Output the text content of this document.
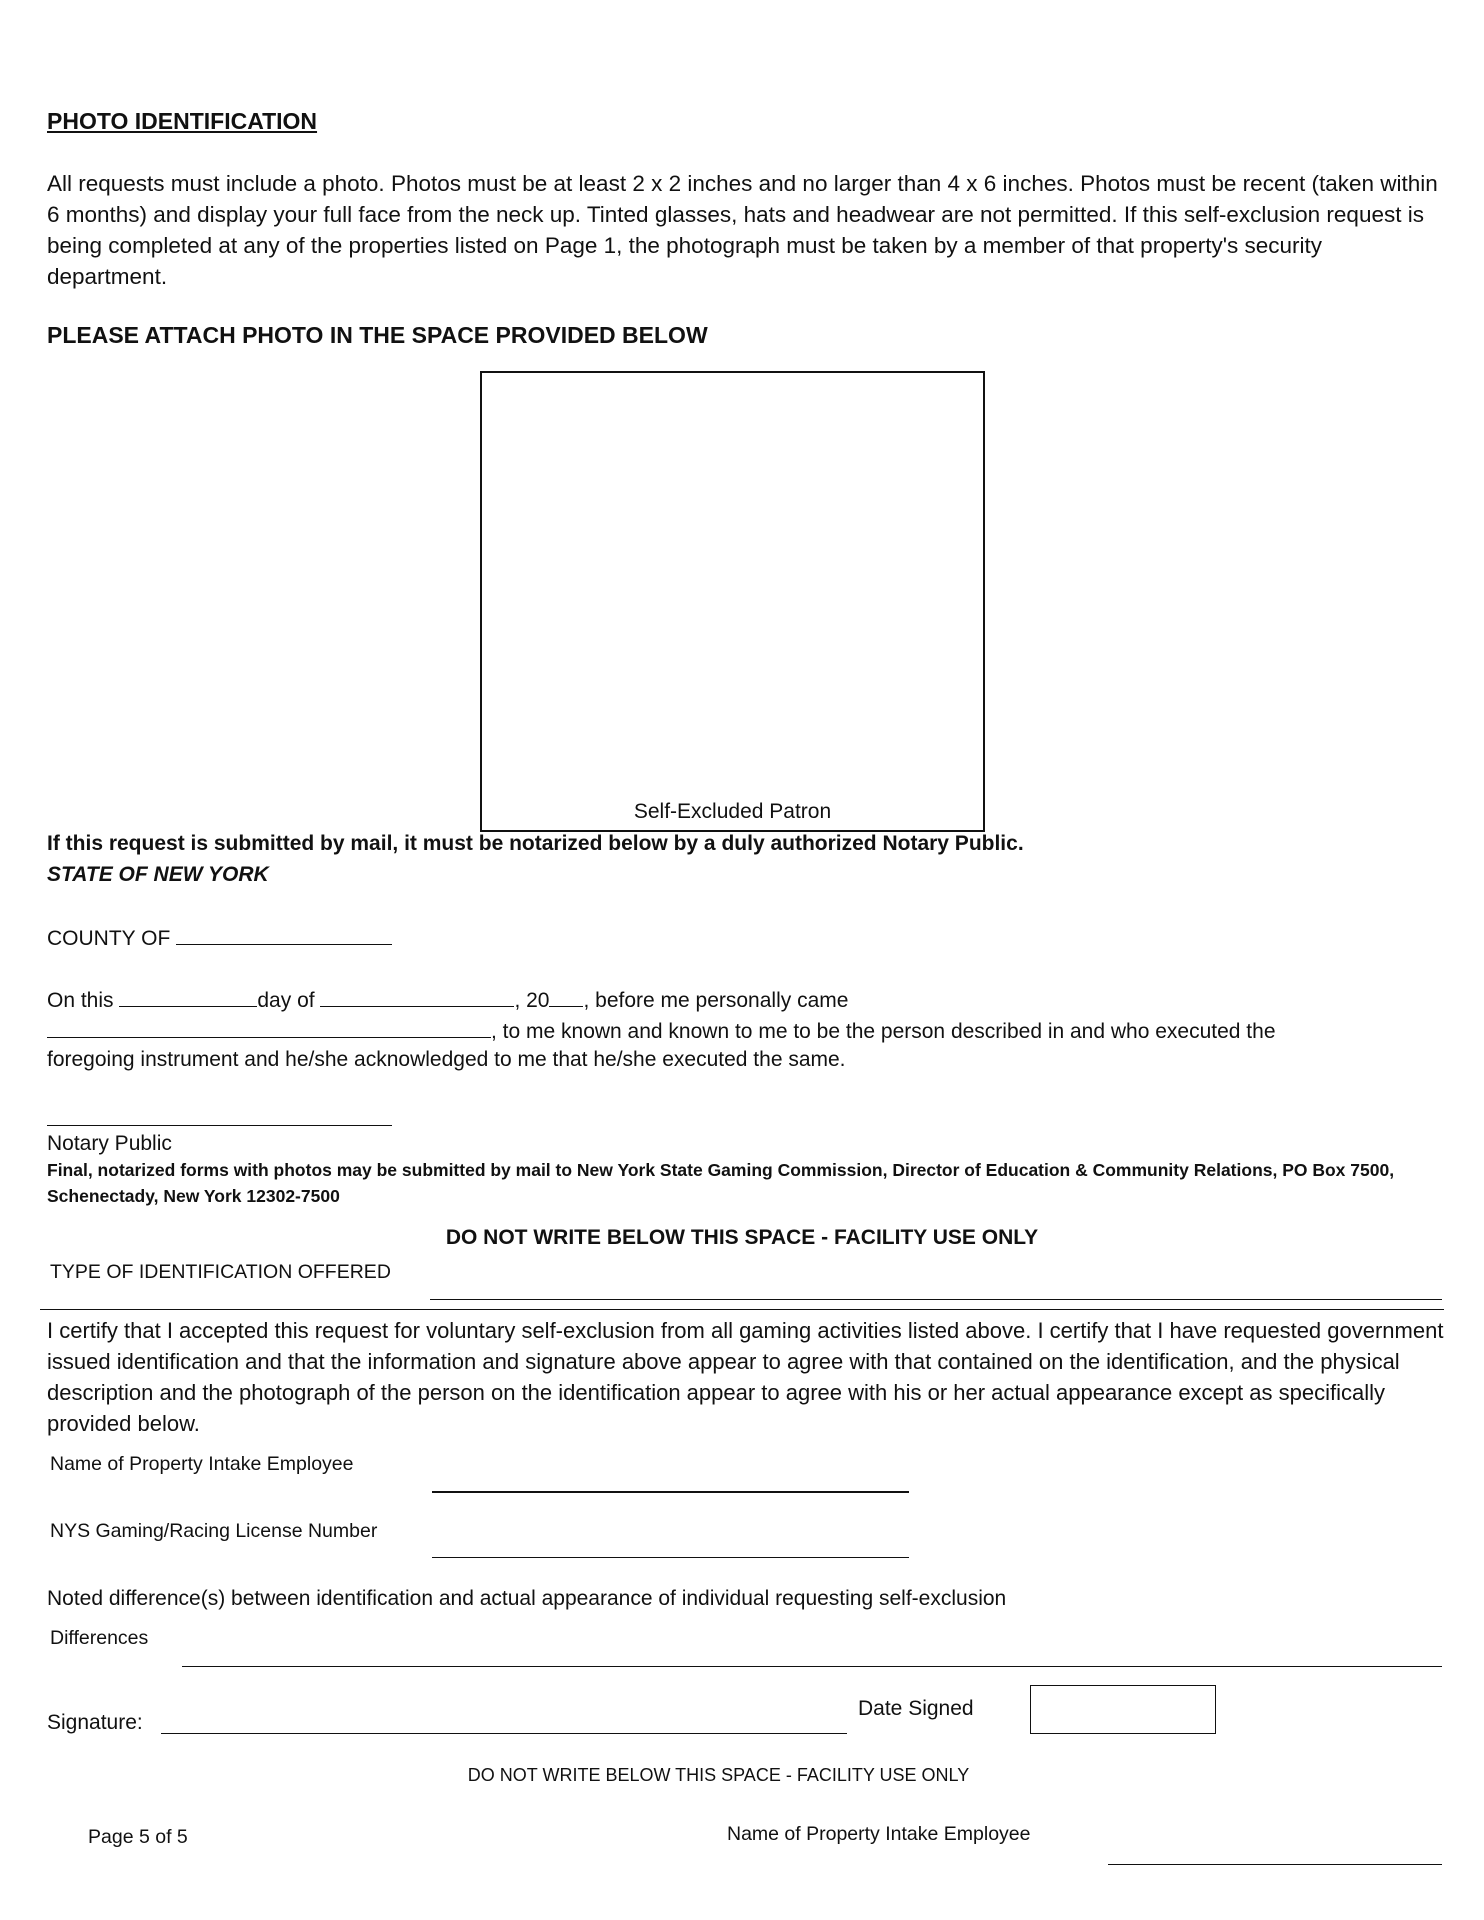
PHOTO IDENTIFICATION
All requests must include a photo. Photos must be at least 2 x 2 inches and no larger than 4 x 6 inches. Photos must be recent (taken within 6 months) and display your full face from the neck up. Tinted glasses, hats and headwear are not permitted. If this self-exclusion request is being completed at any of the properties listed on Page 1, the photograph must be taken by a member of that property's security department.
PLEASE ATTACH PHOTO IN THE SPACE PROVIDED BELOW
Self-Excluded Patron
If this request is submitted by mail, it must be notarized below by a duly authorized Notary Public.
STATE OF NEW YORK
COUNTY OF
On this	day of	, 20 , before me personally came
, to me known and known to me to be the person described in and who executed the
foregoing instrument and he/she acknowledged to me that he/she executed the same.
Notary Public
Final, notarized forms with photos may be submitted by mail to New York State Gaming Commission, Director of Education & Community Relations, PO Box 7500, Schenectady, New York 12302-7500
DO NOT WRITE BELOW THIS SPACE - FACILITY USE ONLY
TYPE OF IDENTIFICATION OFFERED
I certify that I accepted this request for voluntary self-exclusion from all gaming activities listed above. I certify that I have requested government issued identification and that the information and signature above appear to agree with that contained on the identification, and the physical description and the photograph of the person on the identification appear to agree with his or her actual appearance except as specifically provided below.
Name of Property Intake Employee
NYS Gaming/Racing License Number
Noted difference(s) between identification and actual appearance of individual requesting self-exclusion
Differences
Signature:
Date Signed
DO NOT WRITE BELOW THIS SPACE - FACILITY USE ONLY
Page 5 of 5	Name of Property Intake Employee
